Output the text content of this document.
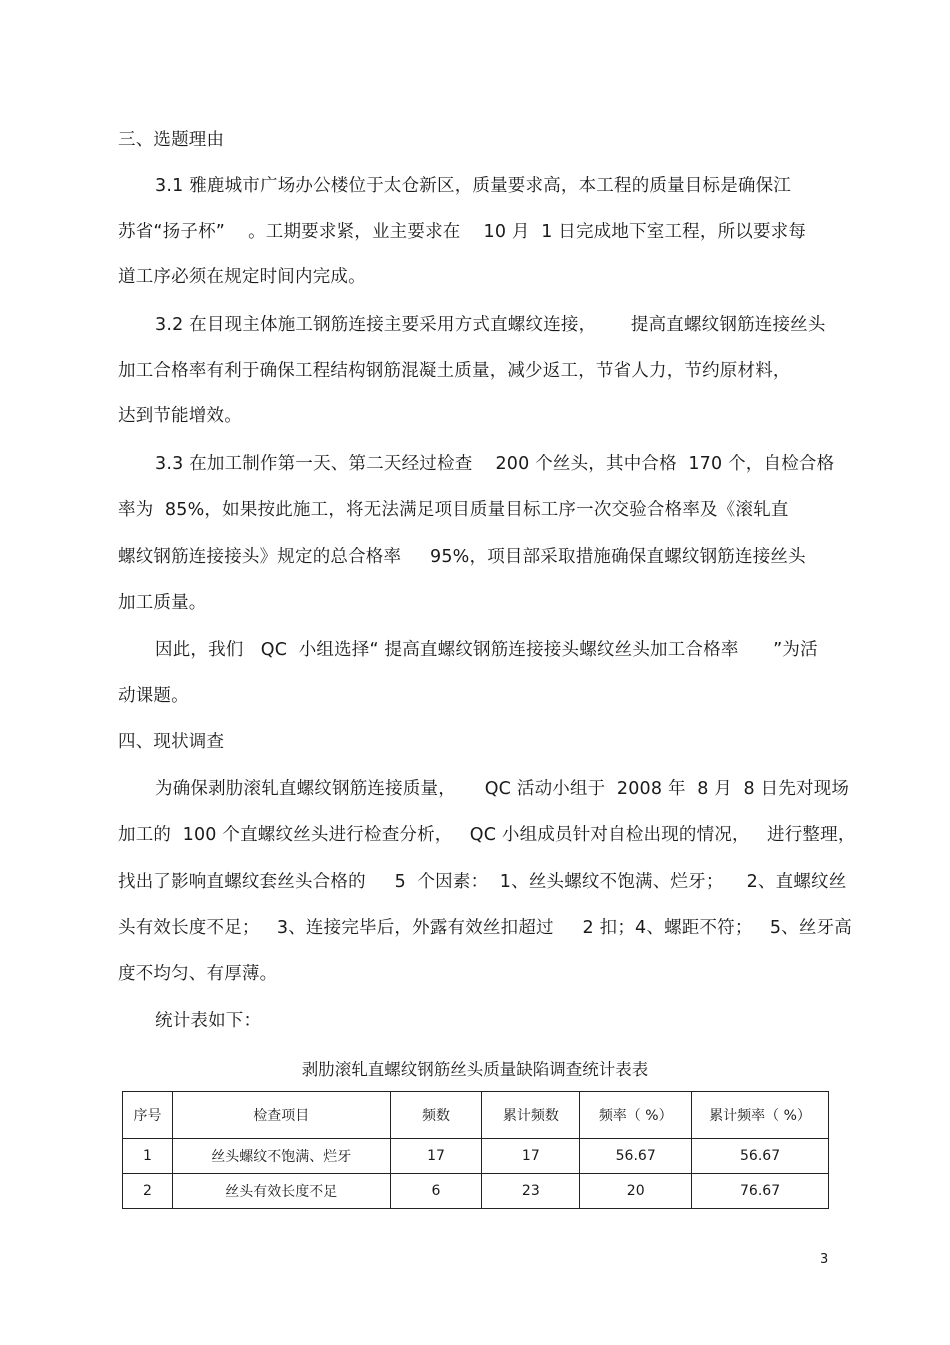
三、选题理由
3.1 雅鹿城市广场办公楼位于太仓新区，质量要求高，本工程的质量目标是确保江
苏省“扬子杯”    。工期要求紧，业主要求在    10 月  1 日完成地下室工程，所以要求每
道工序必须在规定时间内完成。
3.2 在目现主体施工钢筋连接主要采用方式直螺纹连接，      提高直螺纹钢筋连接丝头
加工合格率有利于确保工程结构钢筋混凝土质量，减少返工，节省人力，节约原材料，
达到节能增效。
3.3 在加工制作第一天、第二天经过检查    200 个丝头，其中合格  170 个，自检合格
率为  85%，如果按此施工，将无法满足项目质量目标工序一次交验合格率及《滚轧直
螺纹钢筋连接接头》规定的总合格率     95%，项目部采取措施确保直螺纹钢筋连接丝头
加工质量。
因此，我们   QC  小组选择“ 提高直螺纹钢筋连接接头螺纹丝头加工合格率      ”为活
动课题。
四、现状调查
为确保剥肋滚轧直螺纹钢筋连接质量，     QC 活动小组于  2008 年  8 月  8 日先对现场
加工的  100 个直螺纹丝头进行检查分析，   QC 小组成员针对自检出现的情况，   进行整理，
找出了影响直螺纹套丝头合格的     5  个因素：  1、丝头螺纹不饱满、烂牙；    2、直螺纹丝
头有效长度不足；   3、连接完毕后，外露有效丝扣超过     2 扣；4、螺距不符；   5、丝牙高
度不均匀、有厚薄。
统计表如下：
剥肋滚轧直螺纹钢筋丝头质量缺陷调查统计表表
序号	检查项目	频数	累计频数	频率（ %）	累计频率（ %）
1	丝头螺纹不饱满、烂牙	17	17	56.67	56.67
2	丝头有效长度不足	6	23	20	76.67
3
